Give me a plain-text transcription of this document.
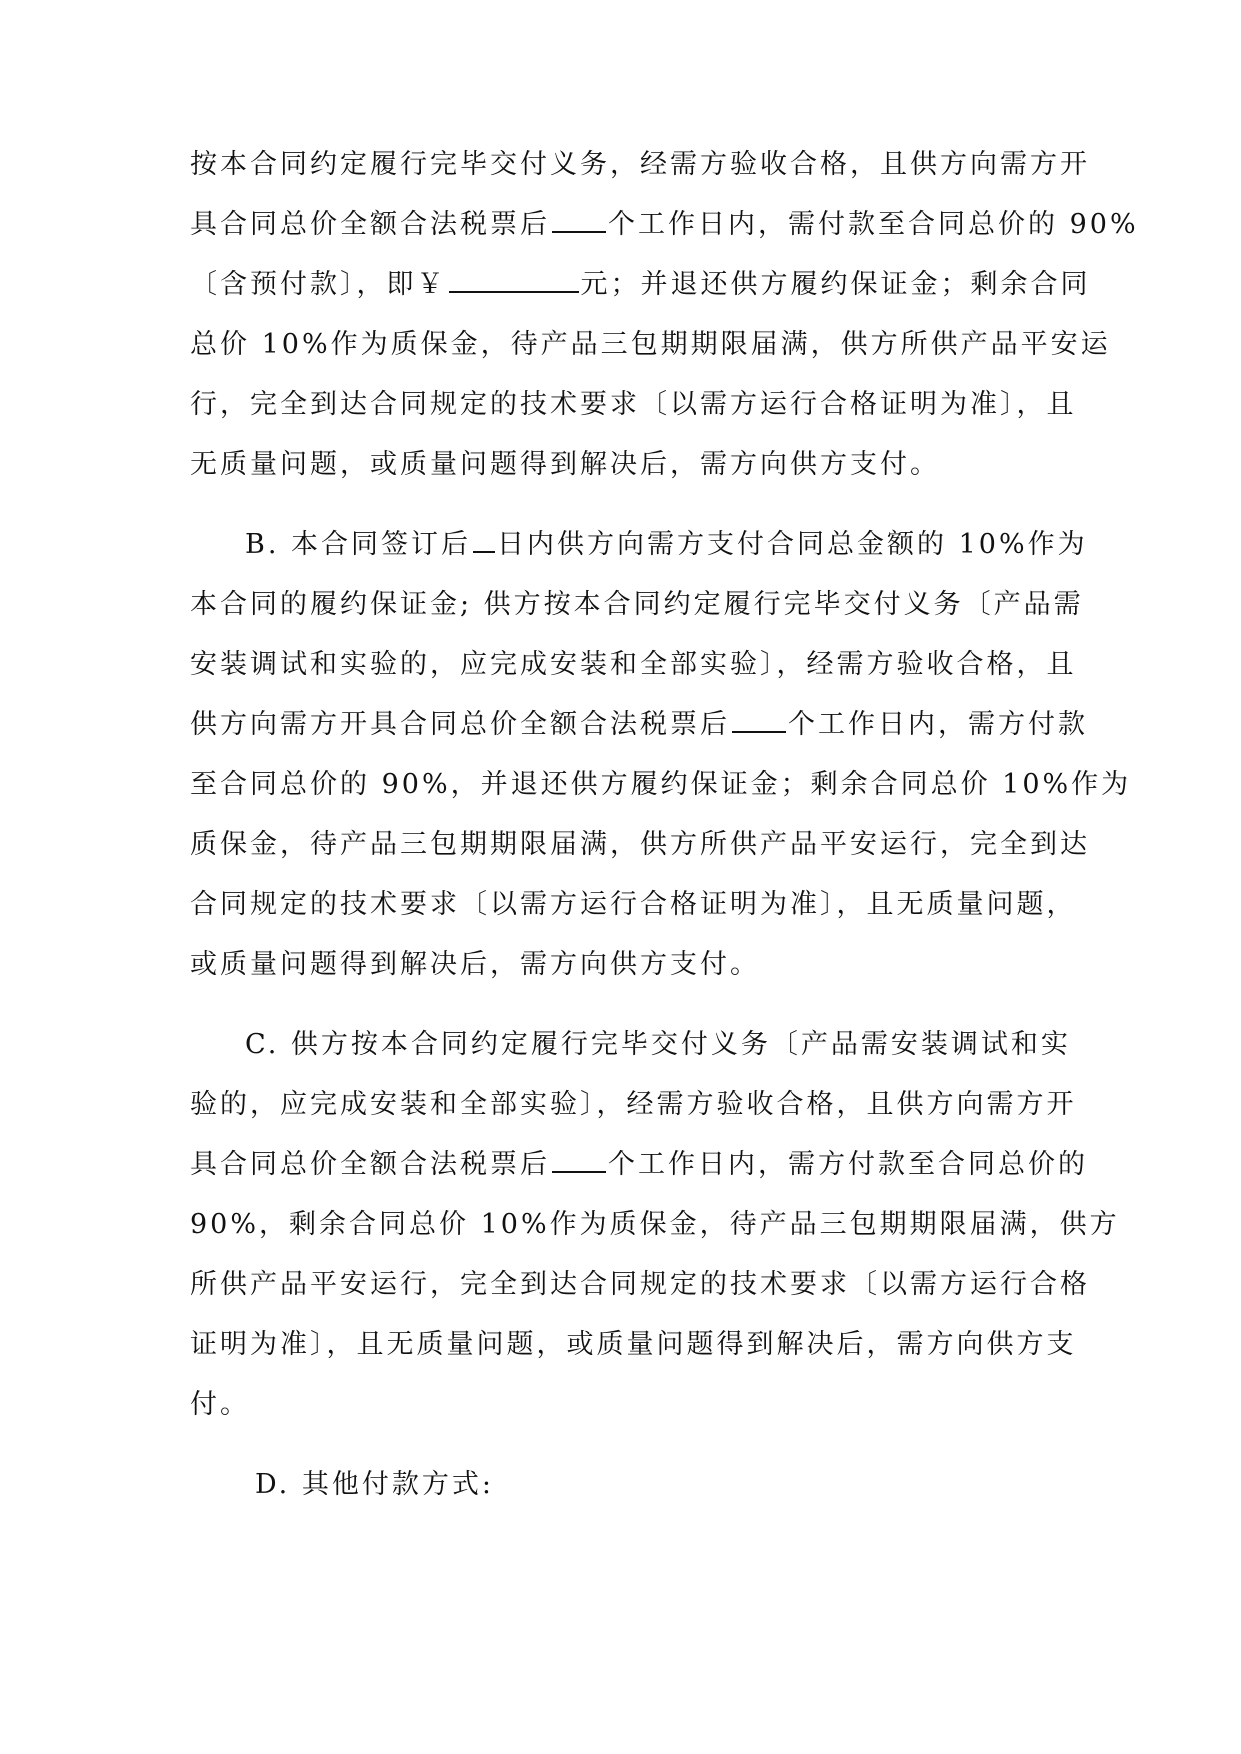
按本合同约定履行完毕交付义务，经需方验收合格，且供方向需方开
具合同总价全额合法税票后 个工作日内，需付款至合同总价的 90%
〔含预付款〕，即￥	元；并退还供方履约保证金；剩余合同
总价 10%作为质保金，待产品三包期期限届满，供方所供产品平安运
行，完全到达合同规定的技术要求〔以需方运行合格证明为准〕，且
无质量问题，或质量问题得到解决后，需方向供方支付。
B. 本合同签订后 日内供方向需方支付合同总金额的 10%作为
本合同的履约保证金; 供方按本合同约定履行完毕交付义务〔产品需
安装调试和实验的，应完成安装和全部实验〕，经需方验收合格，且
供方向需方开具合同总价全额合法税票后 个工作日内，需方付款
至合同总价的 90%，并退还供方履约保证金；剩余合同总价 10%作为
质保金，待产品三包期期限届满，供方所供产品平安运行，完全到达
合同规定的技术要求〔以需方运行合格证明为准〕，且无质量问题，
或质量问题得到解决后，需方向供方支付。
C. 供方按本合同约定履行完毕交付义务〔产品需安装调试和实
验的，应完成安装和全部实验〕，经需方验收合格，且供方向需方开
具合同总价全额合法税票后 个工作日内，需方付款至合同总价的
90%，剩余合同总价 10%作为质保金，待产品三包期期限届满，供方
所供产品平安运行，完全到达合同规定的技术要求〔以需方运行合格
证明为准〕，且无质量问题，或质量问题得到解决后，需方向供方支
付。
D. 其他付款方式:
